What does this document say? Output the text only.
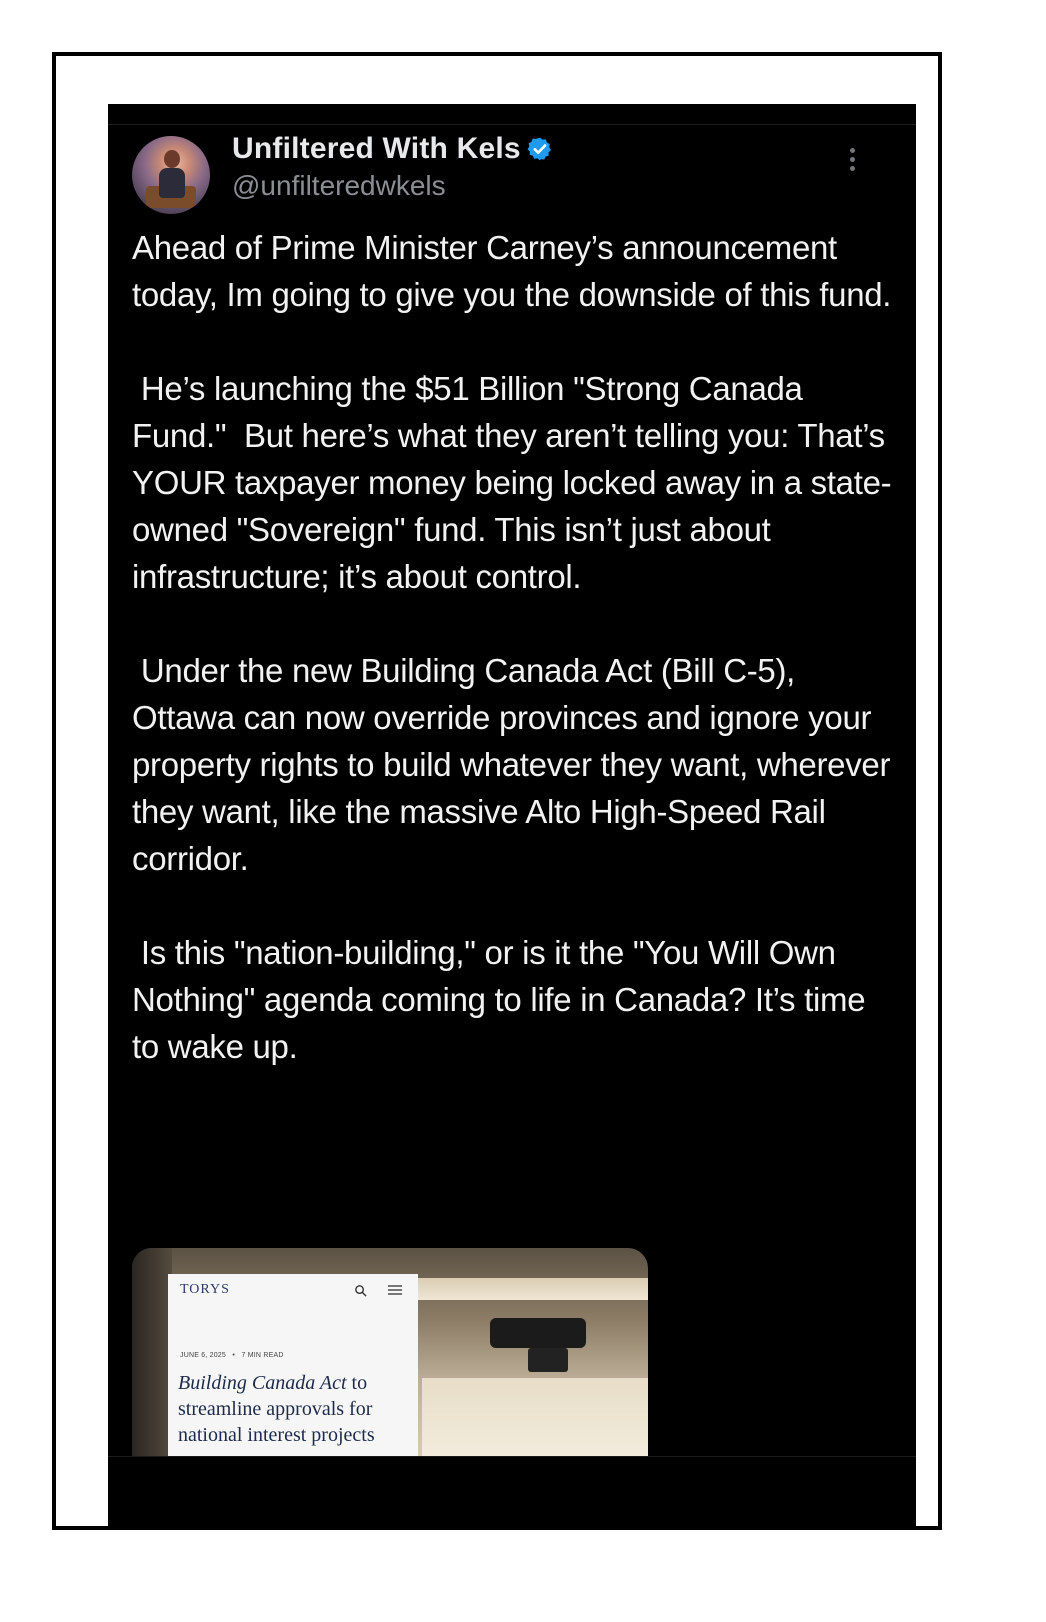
Unfiltered With Kels
@unfilteredwkels

Ahead of Prime Minister Carney’s announcement today, Im going to give you the downside of this fund.

He’s launching the $51 Billion "Strong Canada Fund."  But here’s what they aren’t telling you: That’s YOUR taxpayer money being locked away in a state-owned "Sovereign" fund. This isn’t just about infrastructure; it’s about control.

Under the new Building Canada Act (Bill C-5), Ottawa can now override provinces and ignore your property rights to build whatever they want, wherever they want, like the massive Alto High-Speed Rail corridor.

Is this "nation-building," or is it the "You Will Own Nothing" agenda coming to life in Canada? It’s time to wake up.

TORYS
JUNE 6, 2025 • 7 MIN READ
Building Canada Act to streamline approvals for national interest projects
